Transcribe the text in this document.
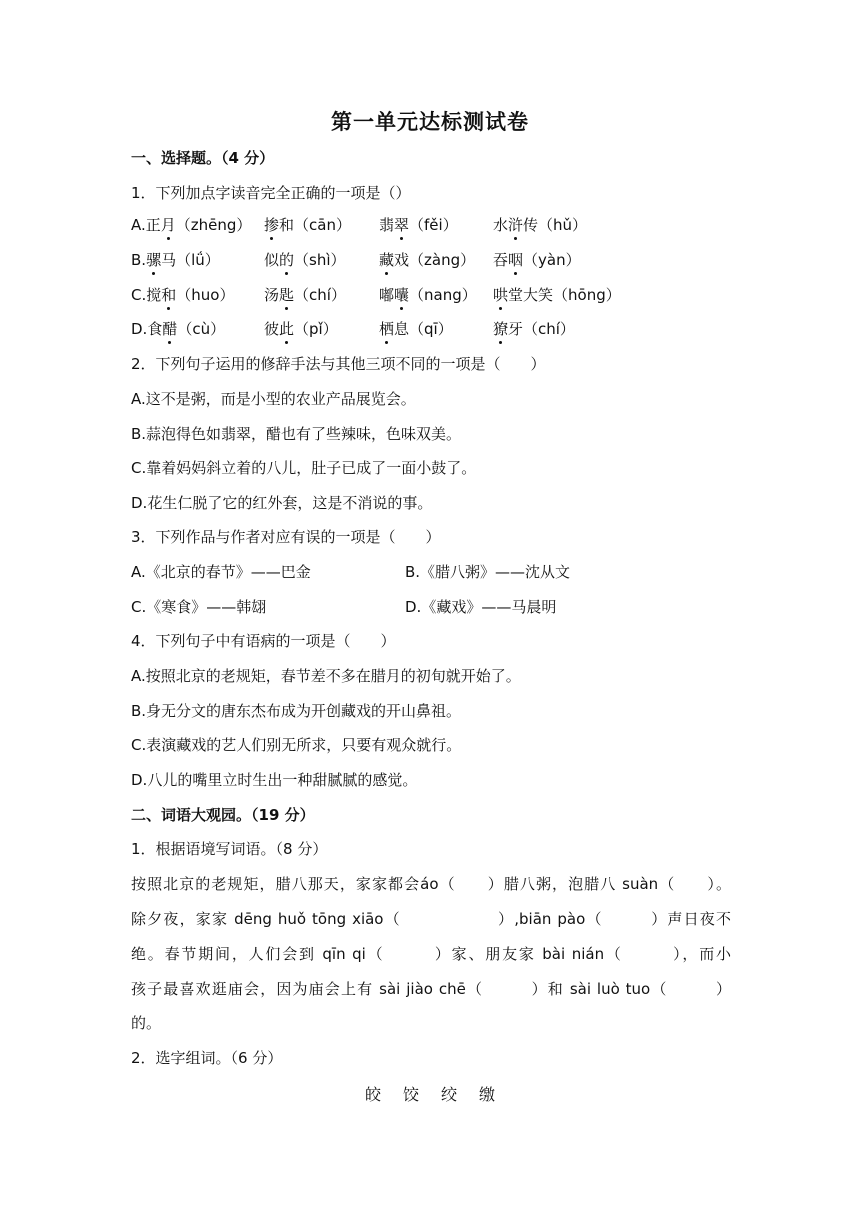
第一单元达标测试卷
一、选择题。（4 分）
1．下列加点字读音完全正确的一项是（）
A.正月（zhēng） 掺和（cān） 翡翠（fěi） 水浒传（hǔ）
B.骡马（lǘ）	似的（shì） 藏戏（zàng） 吞咽（yàn）
C.搅和（huo） 汤匙（chí） 嘟囔（nang） 哄堂大笑（hōng）
D.食醋（cù）	彼此（pǐ）	栖息（qī）	獠牙（chí）
2．下列句子运用的修辞手法与其他三项不同的一项是（　　）
A.这不是粥，而是小型的农业产品展览会。
B.蒜泡得色如翡翠，醋也有了些辣味，色味双美。
C.靠着妈妈斜立着的八儿，肚子已成了一面小鼓了。
D.花生仁脱了它的红外套，这是不消说的事。
3．下列作品与作者对应有误的一项是（　　）
A.《北京的春节》——巴金	B.《腊八粥》——沈从文
C.《寒食》——韩翃	D.《藏戏》——马晨明
4．下列句子中有语病的一项是（　　）
A.按照北京的老规矩，春节差不多在腊月的初旬就开始了。
B.身无分文的唐东杰布成为开创藏戏的开山鼻祖。
C.表演藏戏的艺人们别无所求，只要有观众就行。
D.八儿的嘴里立时生出一种甜腻腻的感觉。
二、词语大观园。（19 分）
1．根据语境写词语。（8 分）
按照北京的老规矩，腊八那天，家家都会áo（　　）腊八粥，泡腊八 suàn（　　）。
除夕夜，家家 dēng huǒ tōng xiāo（　　　　　　）,biān pào（　　　）声日夜不
绝。春节期间，人们会到 qīn qi（　　　）家、朋友家 bài nián（　　　），而小
孩子最喜欢逛庙会，因为庙会上有 sài jiào chē（　　　）和 sài luò tuo（　　　）
的。
2．选字组词。（6 分）
皎 饺 绞 缴
